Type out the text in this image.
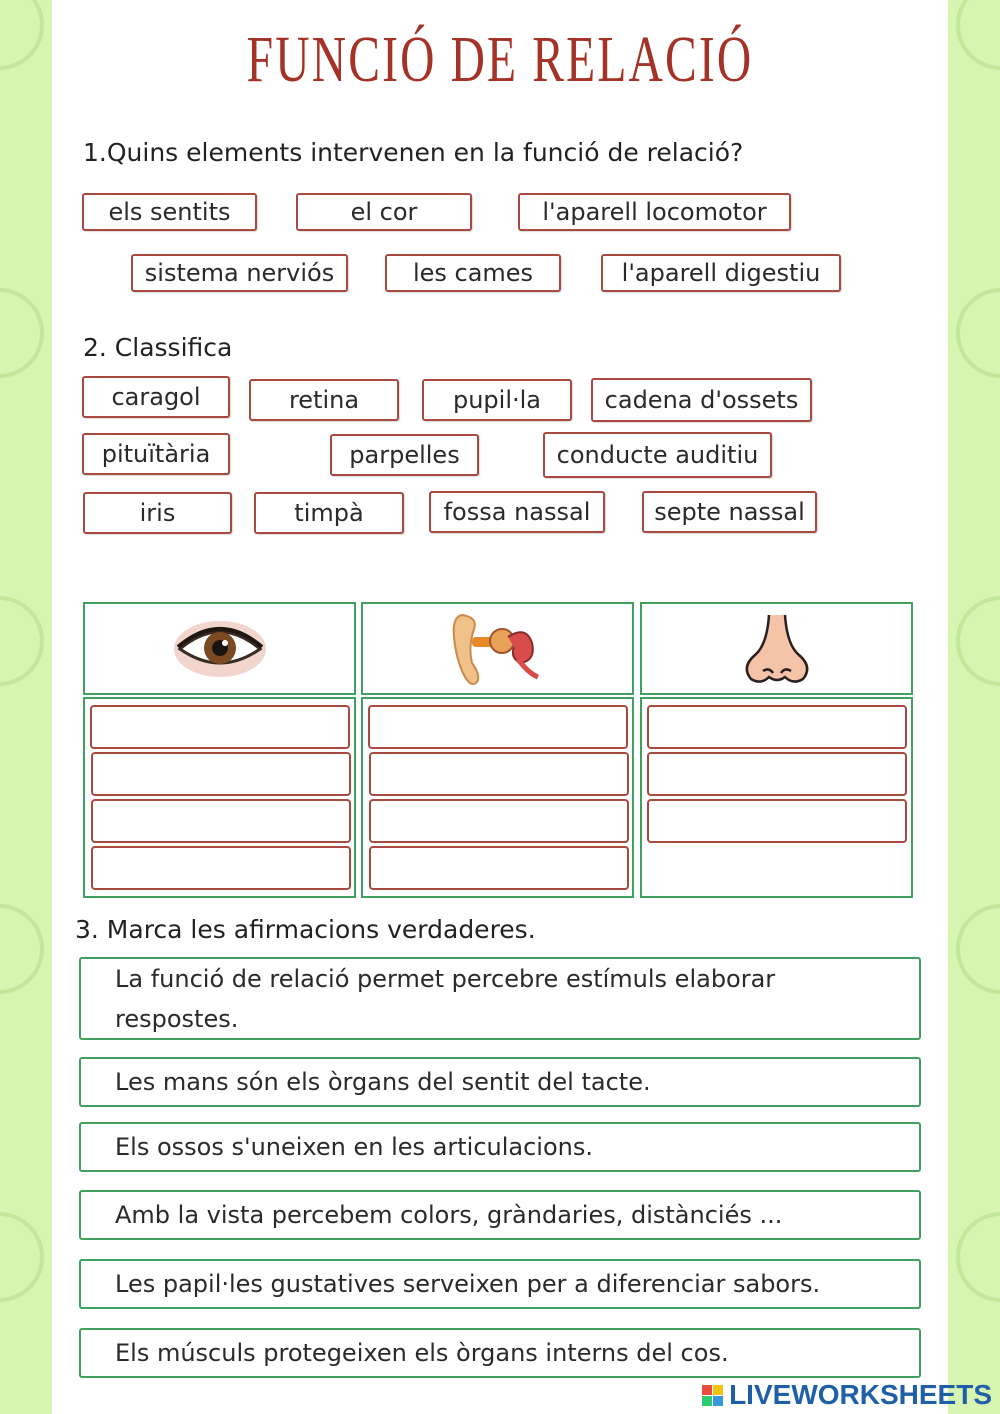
FUNCIÓ DE RELACIÓ
1.Quins elements intervenen en la funció de relació?
els sentits	el cor	l'aparell locomotor
sistema nerviós	les cames	l'aparell digestiu
2. Classifica
caragol	retina	pupil·la	cadena d'ossets
pituïtària	parpelles	conducte auditiu
iris	timpà	fossa nassal	septe nassal
3. Marca les afirmacions verdaderes.
La funció de relació permet percebre estímuls elaborar respostes.
Les mans són els òrgans del sentit del tacte.
Els ossos s'uneixen en les articulacions.
Amb la vista percebem colors, gràndaries, distànciés ...
Les papil·les gustatives serveixen per a diferenciar sabors.
Els músculs protegeixen els òrgans interns del cos.
LIVEWORKSHEETS
